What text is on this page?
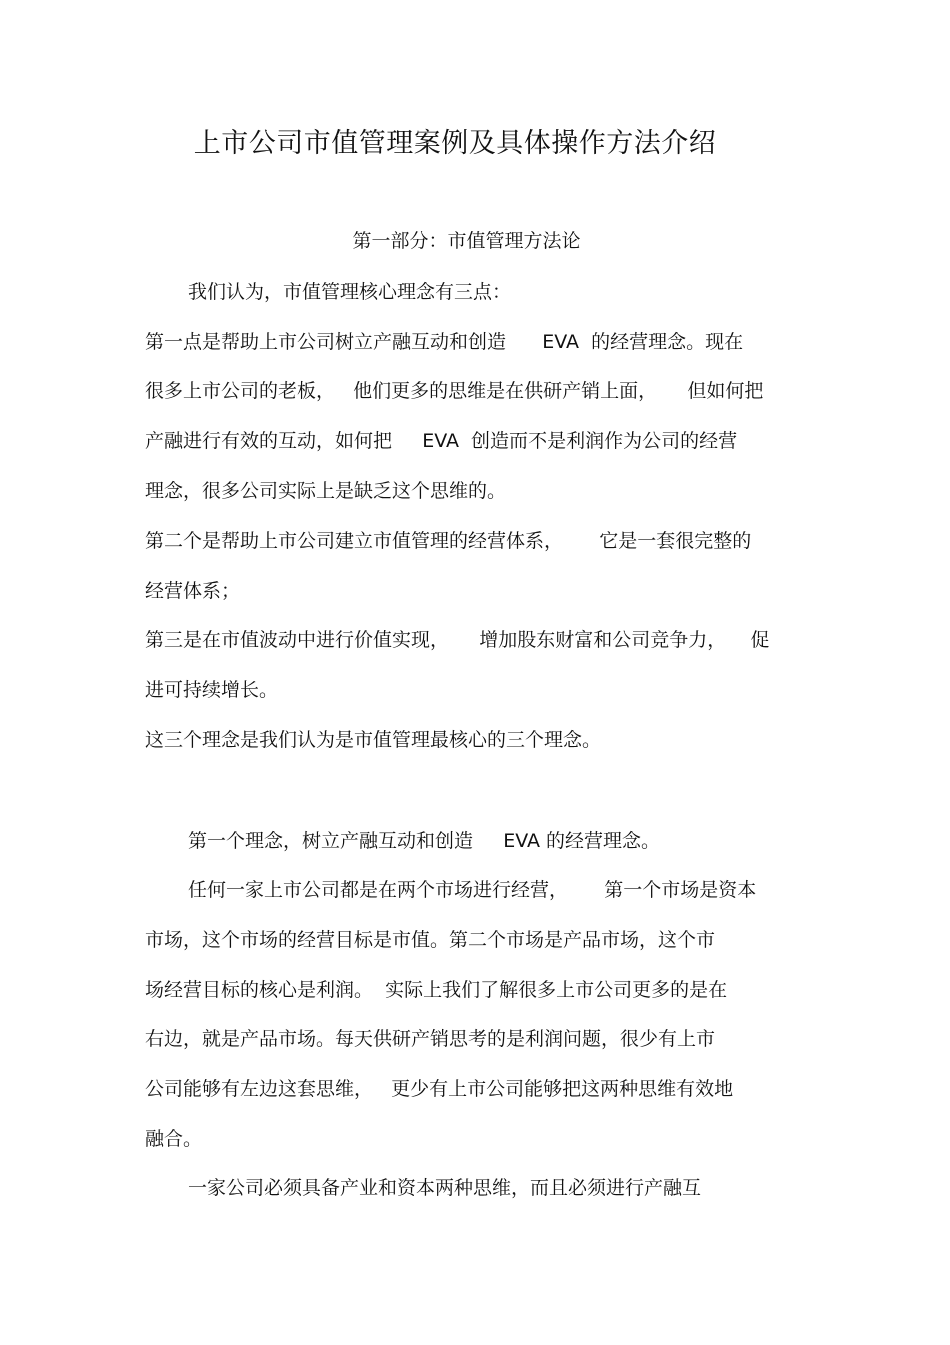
上市公司市值管理案例及具体操作方法介绍
第一部分：市值管理方法论
我们认为，市值管理核心理念有三点：
第一点是帮助上市公司树立产融互动和创造      EVA  的经营理念。现在
很多上市公司的老板，   他们更多的思维是在供研产销上面，     但如何把
产融进行有效的互动，如何把     EVA  创造而不是利润作为公司的经营
理念，很多公司实际上是缺乏这个思维的。
第二个是帮助上市公司建立市值管理的经营体系，      它是一套很完整的
经营体系；
第三是在市值波动中进行价值实现，     增加股东财富和公司竞争力，    促
进可持续增长。
这三个理念是我们认为是市值管理最核心的三个理念。
第一个理念，树立产融互动和创造     EVA 的经营理念。
任何一家上市公司都是在两个市场进行经营，      第一个市场是资本
市场，这个市场的经营目标是市值。第二个市场是产品市场，这个市
场经营目标的核心是利润。  实际上我们了解很多上市公司更多的是在
右边，就是产品市场。每天供研产销思考的是利润问题，很少有上市
公司能够有左边这套思维，   更少有上市公司能够把这两种思维有效地
融合。
一家公司必须具备产业和资本两种思维，而且必须进行产融互
